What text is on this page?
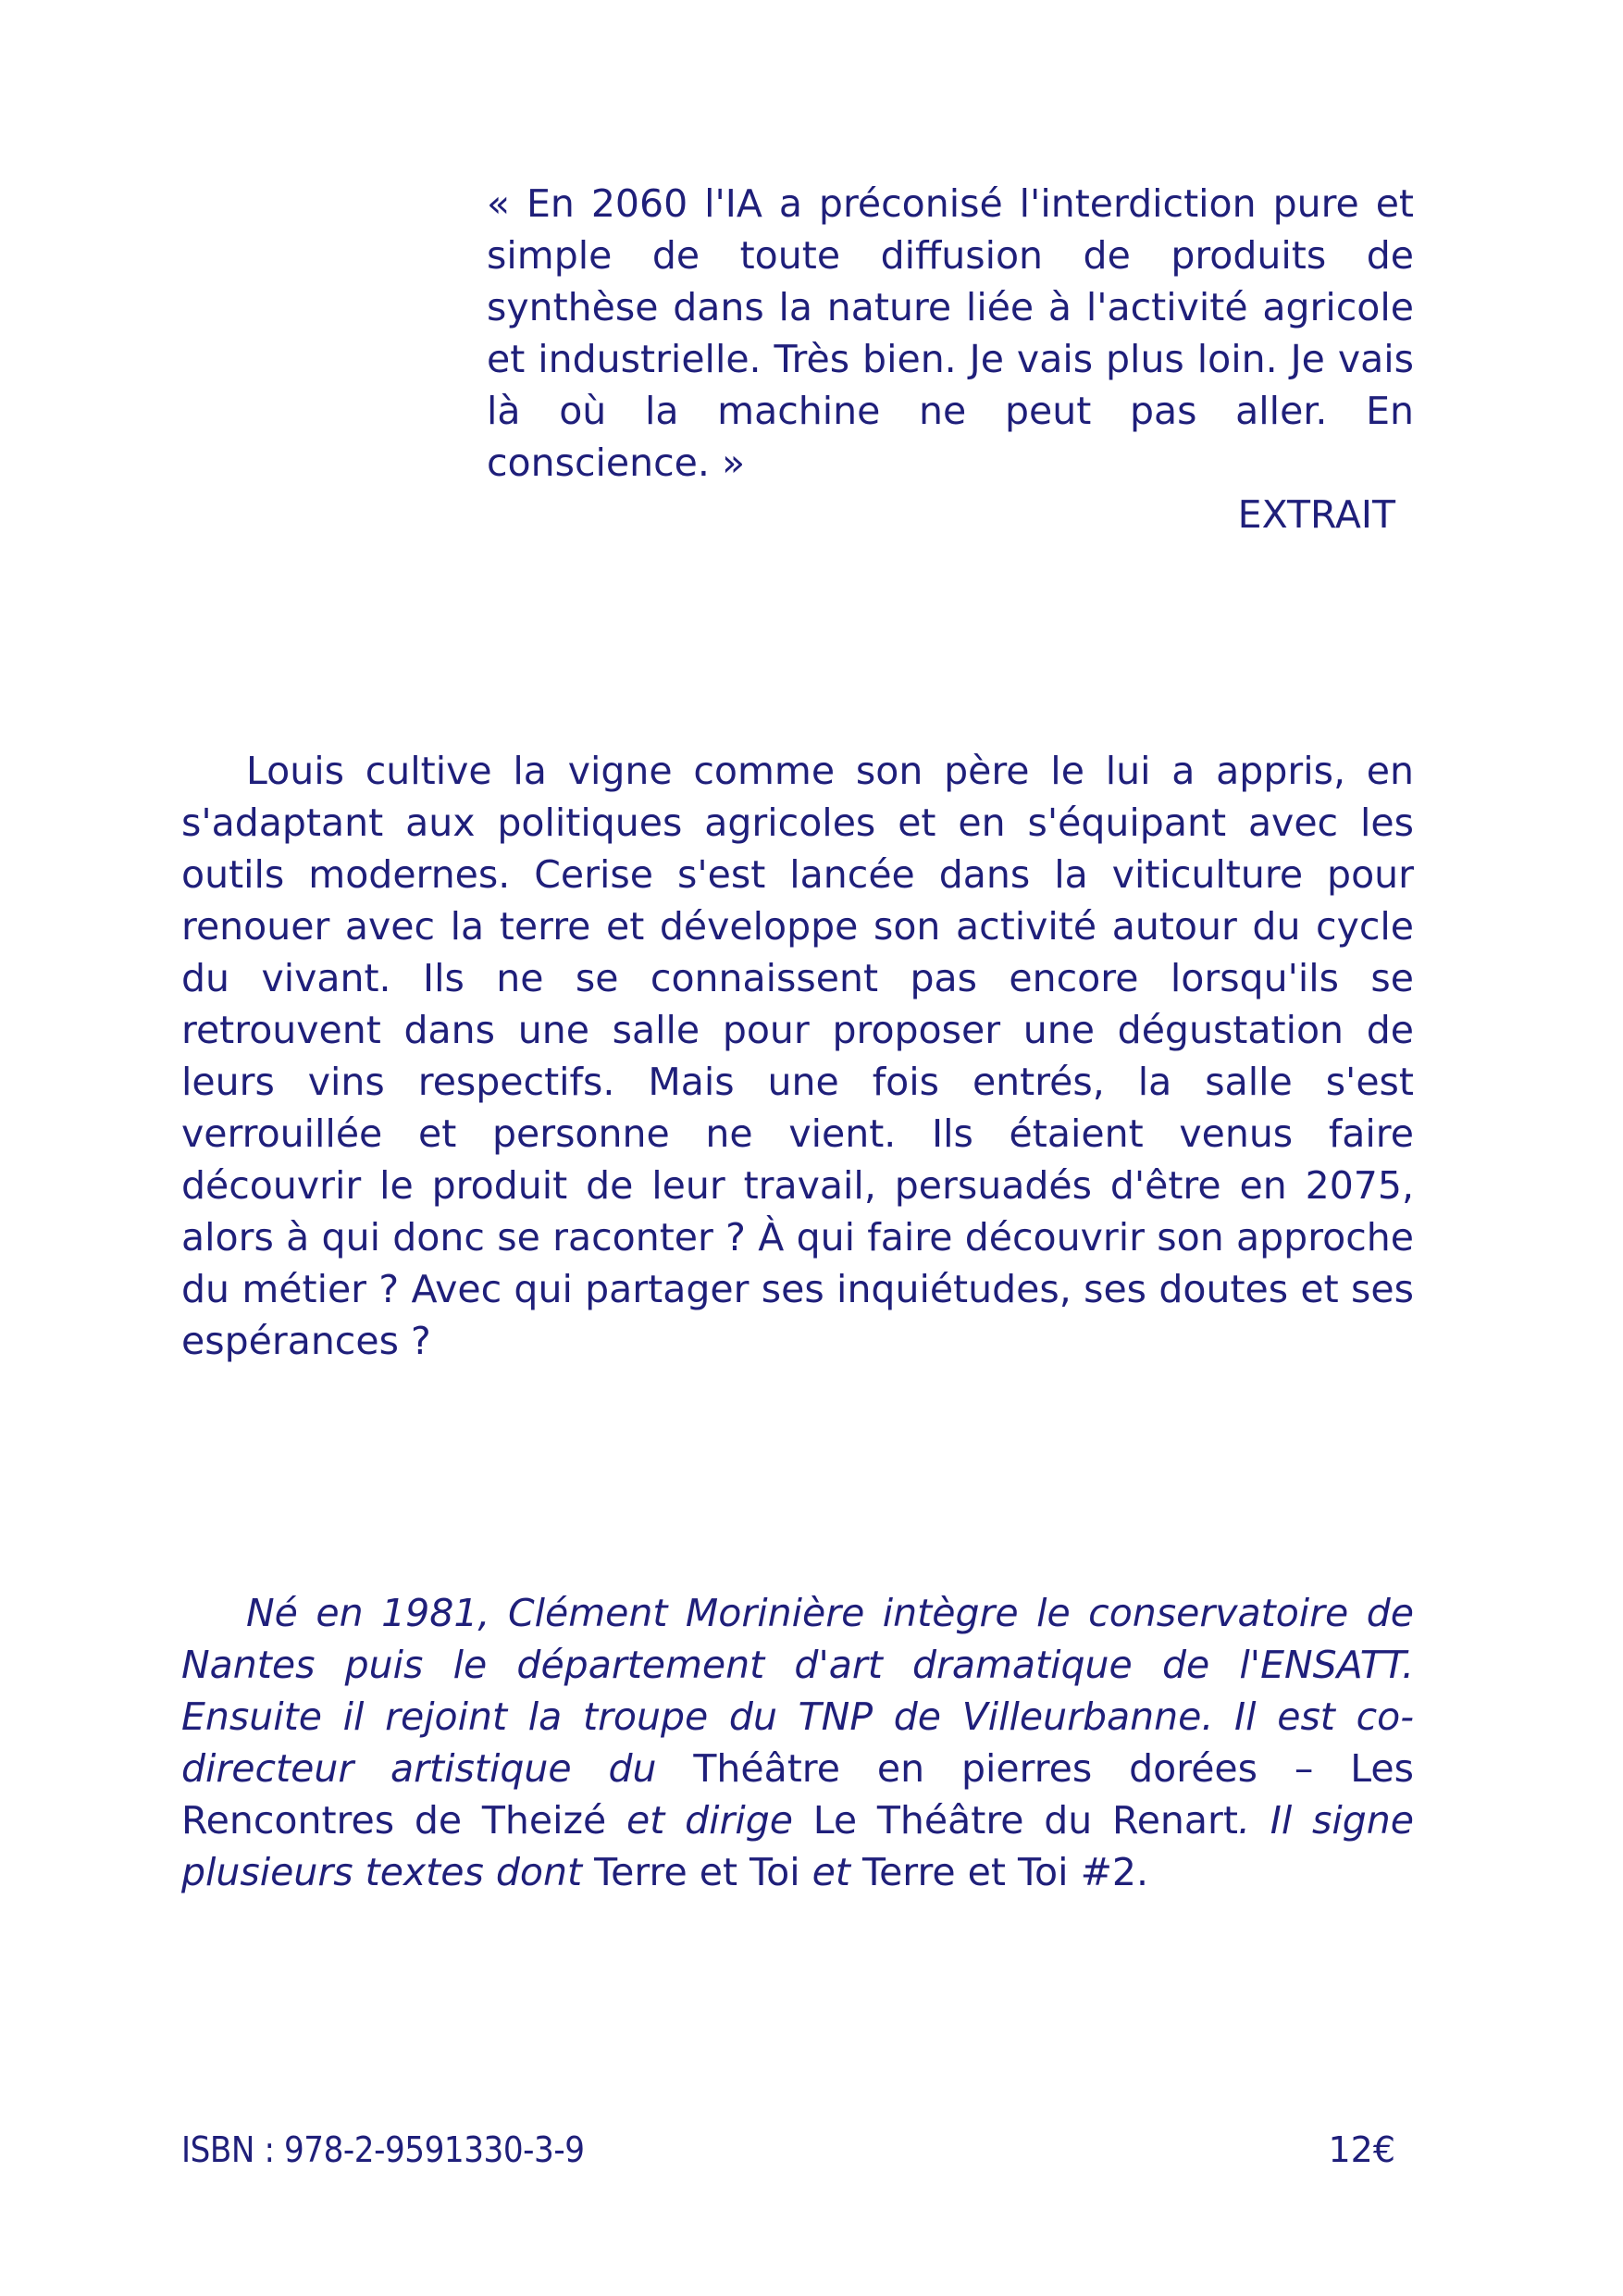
« En 2060 l'IA a préconisé l'interdiction pure et simple de toute diffusion de produits de synthèse dans la nature liée à l'activité agricole et industrielle. Très bien. Je vais plus loin. Je vais là où la machine ne peut pas aller. En conscience. »

EXTRAIT

Louis cultive la vigne comme son père le lui a appris, en s'adaptant aux politiques agricoles et en s'équipant avec les outils modernes. Cerise s'est lancée dans la viticulture pour renouer avec la terre et développe son activité autour du cycle du vivant. Ils ne se connaissent pas encore lorsqu'ils se retrouvent dans une salle pour proposer une dégustation de leurs vins respectifs. Mais une fois entrés, la salle s'est verrouillée et personne ne vient. Ils étaient venus faire découvrir le produit de leur travail, persuadés d'être en 2075, alors à qui donc se raconter ? À qui faire découvrir son approche du métier ? Avec qui partager ses inquiétudes, ses doutes et ses espérances ?

Né en 1981, Clément Morinière intègre le conservatoire de Nantes puis le département d'art dramatique de l'ENSATT. Ensuite il rejoint la troupe du TNP de Villeurbanne. Il est co-directeur artistique du Théâtre en pierres dorées – Les Rencontres de Theizé et dirige Le Théâtre du Renart. Il signe plusieurs textes dont Terre et Toi et Terre et Toi #2.

ISBN : 978-2-9591330-3-9	12€
